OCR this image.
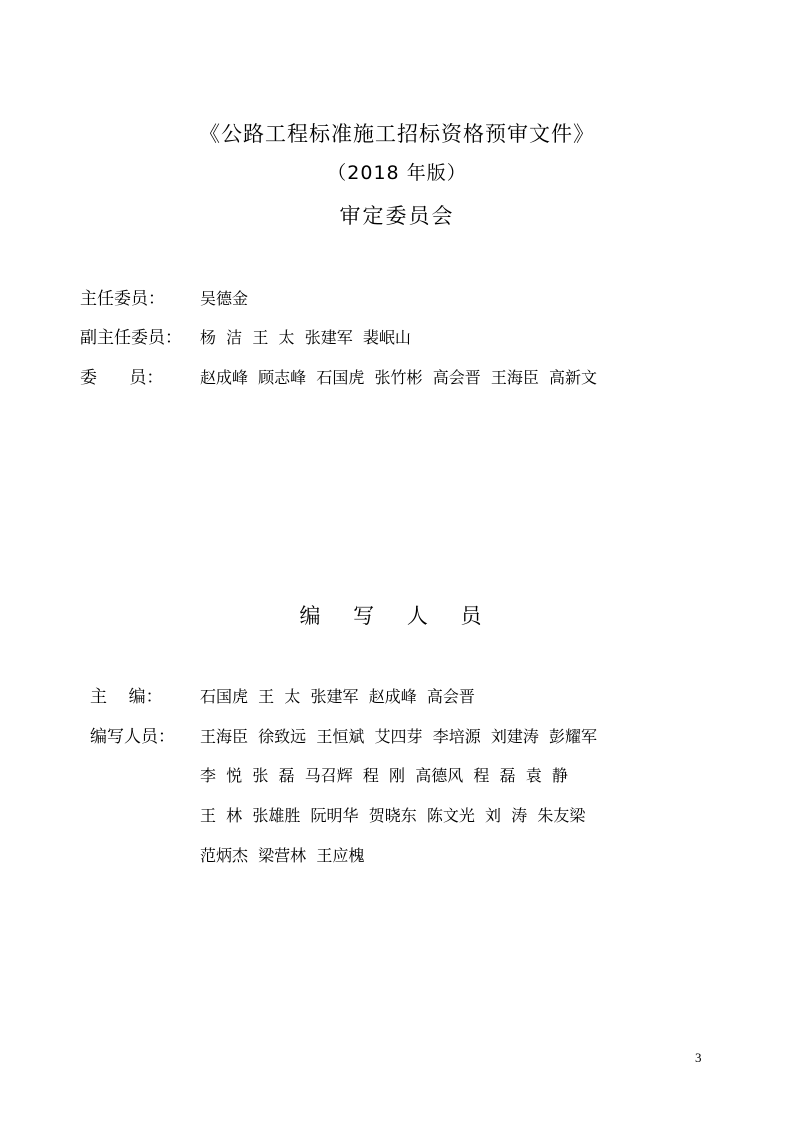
《公路工程标准施工招标资格预审文件》
（2018 年版）
审定委员会
主任委员： 吴德金
副主任委员： 杨  洁  王  太  张建军  裴岷山
委      员： 赵成峰  顾志峰  石国虎  张竹彬  高会晋  王海臣  高新文
编 写 人 员
主    编： 石国虎  王  太  张建军  赵成峰  高会晋
编写人员： 王海臣  徐致远  王恒斌  艾四芽  李培源  刘建涛  彭耀军
李  悦  张  磊  马召辉  程  刚  高德风  程  磊  袁  静
王  林  张雄胜  阮明华  贺晓东  陈文光  刘  涛  朱友梁
范炳杰  梁营林  王应槐
3
